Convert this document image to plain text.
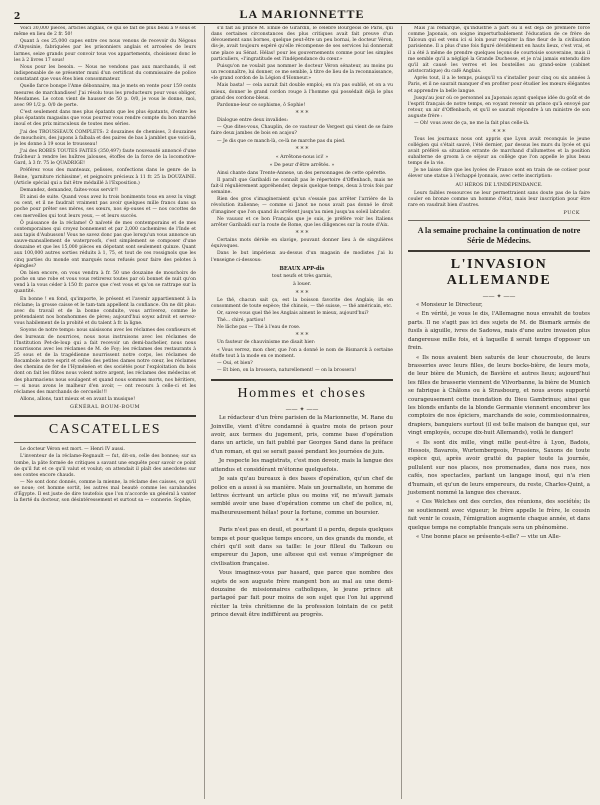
2	LA MARIONNETTE

Voici 30,000 pièces, articles anglais, ce qui se fait de plus beau à 9 sous et même en lieu de 2 fr. 50!

Quant à ces 25,000 capes entre ces nous venons de recevoir du Négous d'Abyssinie, fabriquées par les prisonniers anglais et arrosées de leurs larmes, seize grands pour convoir tous vos appartements, choisissez donc le les à 2 livres 17 sous!

Nous pour les besoin. — Nous ne vendons pas aux marchands, il est indispensable de se présenter muni d'un certificat du commissaire de police constatant que vous êtes bien consommateur.

Quelle farce bonspe l'Ame débonnaire, ma je mets en vente pour 159 cents mesures de marchandises! J'ai résolu tous les producteurs pour vous obliger, Mesdames. Le coton vient de hausser de 50 p. 0/0, je vous le donne, moi, avec 99 1/2 p. 0/0 de perte.

C'est seulement dans mes plus épatants que les plus épatants, d'entre les plus épatants magasins que vous pourrez vous rendre compte du bon marché inouï et des prix miraculeux de toutes mes séries.

J'ai des TROUSSEAUX COMPLETS: 2 douzaines de chemises, 3 douzaines de mouchoirs, des jupons à falbala et des paires de bas à jamblet que voici-là, je les donne à 19 sous le trousseau!

J'ai des ROBES TOUTES FAITES (350,497) faute nouveauté annoncé d'une fraîcheur à rendre les huîtres jalouses, étoffes de la force de la locomotive-Gard, à 3 fr. 75 le QUADRIGE!

Préférez vous des manteaux, pelisses, confections dans le genre de la Reine, 'garniture richissime', et peignoirs précieux à 11 fr. 25 la DOUZAINE. (Article spécial qui a fait être médaillé à l'Exposition.)

Demandez, demandez, faites-vous servir!!

Et ainsi de suite. Quand vous avez lu trois boniments tous en avez lu vingt ou cent, et il ne faudrait vraiment pas avoir quelques mille francs dans sa poche pour prêter ses mères, ses sœurs, nos ép-ouses et — nos cocottes de ces merveilles qui tout leurs yeux, — et leurs succès.

Ô puissance de la réclame! Ô naïveté de mes contemporains et de mes contemporaines qui croyez bonnement et par 2,000 cachemires de l'Inde et aux tapis d'Aubusson! Vous ne savez donc pas que lorsqu'un vous annonce un sauve-mansallement de waterproofs, c'est simplement se composer d'une douzaine et que les 15,000 pièces en dépotant sont seulement quinze. Quant aux 100,000 autres sorties réduits à 1, 75, et tout de ces rossignols que les cinq parties du monde ont marqués nous refusés pour faire des pelotes à épingles?

On bien encore, on vous vendra à fr. 50 une douzaine de mouchoirs de poche on une robe et vous vous retirerez toutes par où bonnet de nuit qu'on vend à la vous céder à 150 fr. parce que c'est vous et qu'on se rattrape sur la quantité.

En bonne ! en fond, qu'importe, le présent et l'avenir appartiennent à la réclame; la grosse caisse et le tam-tam appellent la confiance. On ne dit plus: avec du travail et de la bonne conduite, vous arriverez, comme le prétendaient nos bonshommes de pères; aujourd'hui soyez adroit et servez-vous habilement de la probité et du talent à fr. la ligne.

Soyons de notre temps: nous saisissons avec les réclames des confiseurs et des bureaux de nourrices, nous nous instruisons avec les réclames de l'Institution Pet-de-loup qui a fait recevoir un demi-bachelier, nous nous nourrissons avec les réclames de M. de Foy; les réclames des restaurants à 25 sous et de la tragédienne nourrissent notre corps, les réclames de Rocambole notre esprit et celles des petites dames notre cœur, les réclames des chemins de fer de l'Hyménéen et des sociétés pour l'exploitation du bois dont on fait les flûtes nous volent notre argent, les réclames des médecins et des pharmaciens nous soulagent et quand nous sommes morts, nos héritiers, — si nous avons le malheur d'en avoir, — ont recours à celle-ci et les réclames des marchands de cercueils!!!

Allons, allons, tant mieux et en avant la musique!

GÉNÉRAL BOUM-BOUM
CASCATELLES

Le docteur Véron est mort. — Henri IV aussi.

L'inventeur de la réclame-Regnault — fut, dit-on, celle des bonnes; sur sa tombe, la pâte formée de critiques a savant une enquête pour savoir ce point de qu'il fut et ce qu'il valut et voulut; on attendait il plaît des anecdotes sur ses contes encore chauds.

— Ne sont donc donnés, comme la mienne, la réclame des caisses, ce qu'il se noue; cet homme sortit, les autres mal beauté comme les sarabandes d'Égypte. Il est juste de dire toutefois que l'on n'accorde un général à vanter la fierté du docteur, son désintéressement et surtout sa — connerie. Sophie,

s'il fait au prince M. Emile de Girardin, le célèbre Bourgeois de Paris, qui dans certaines circonstances des plus critiques avait fait preuve d'un dévouement sans bornes, quelque peut-être un peu bornai, le docteur Véron, dis-je, avait toujours espéré qu'elle récompense de ses services lui donnerait une place au Sénat. Hélas! pour les gouvernements comme pour les simples particuliers, «l'ingratitude est l'indépendance du cœur.»

Puisqu'on ne voulait pas nommer le docteur Véron sénateur, au moins pu un reconnaître, lui donner, ce me semble, à titre de lieu de la reconnaissance, «le grand cordon de la Légion d'Honneur.»

Mais basta! — cela aurait fait double emploi; en n'a pas oublié, et on a vu mieux, donner le grand cordon rouge à l'homme qui possédait déjà le plus grand des cordons-bleus.

Pardonne-leur ce sophisme, ô Sophie!

* * *

Dialogue entre deux invalides:

— Que dites-vous, Chauplin, de ce vautour de Vergest qui vient de se faire faire deux jambes de bois en acajou?

— Je dis que ce manch-là, ce-là ne marche pas du pied.

* * *
« Arrêtons-nous ici! »
« De peur d'être arrêtés. »

Ainsi chante dans Trente-Annexe, un des personnages de cette opérette.

Il paraît que Garibaldi ne connaît pas le répertoire d'Offenbach, mais ne fait-il régulièrement appréhender, depuis quelque temps, deux à trois fois par semaine.

Rien des gros s'imagineraient qu'un s'essaie pas arrêter l'arrière de la révolution italienne; — comme si Janot ne nous avait pas donné le droit d'imaginer que l'on quand ils arrêtent jusqu'au mien jusqu'au soleil labrador.

Ne vauuoz et ce bon Français que je suis, je préfère voir les Italiens arrêter Garibaldi sur la route de Rome, que les diligences sur la route d'Aix.

* * *

Certains mots dérèle en slavige, pouvant donner lieu à de singulières équivoques.

Dans le but impérieux au-dessus d'un magasin de modistes j'ai lu l'enseigne ci-dessous:

BEAUX APP-dis
tout neufs et très garnis,
à louer.
* * *

Le thé, chacun sait ça, est la boisson favorite des Anglais; ils en consomment de toute espèce; thé chinois, — thé suisse, — thé américain, etc.

Or, savez-vous quel thé les Anglais aiment le mieux, aujourd'hui?

Thé... chiré, partiou!

Ne lâche pas — Thé à l'eau de rose.

* * *

Un fauteur de chauvinisme me disait hier:

« Vous verrez, mon cher, que l'on a donné le nom de Bismarck à certaine étoffe tout à la mode en ce moment.

— Oui, et bien?

— Et bien, on la brossera, naturellement! — on la brossera!

Hommes et choses
—— ✦ ——

Le rédacteur d'un frère parisien de la Marionnette, M. Rane du Joinville, vient d'être condamné à quatre mois de prison pour avoir, aux termes du jugement, pris, comme base d'opération dans un article, un fait publié par Georges Sand dans la préface d'un roman, et qui se serait passé pendant les journées de juin.

Je respecte les magistrats, c'est mon devoir, mais la langue des attendus et considérant m'étonne quelquefois.

Je sais qu'au bureaux à des bases d'opération, qu'un chef de police en a aussi à sa manière. Mais un journaliste, un homme de lettres écrivant un article plus ou moins vif, ne m'avait jamais semblé avoir une base d'opération comme un chef de police, ni, malheureusement hélas! pour la fortune, comme un boursier.

* * *

Paris n'est pas en deuil, et pourtant il a perdu, depuis quelques temps et pour quelque temps encore, un des grands du monde, et chéri qu'il soit dans sa taille: le jour filleul du Taïkoun ou empereur du Japon, une altesse qui est venue s'imprégner de civilisation française.

Vous imaginez-vous par hasard, que parce que nombre des sujets de son auguste frère mangent bon au mal au une demi-douzaine de missionnaires catholiques, le jeune prince ait partageé par fait pour moins de son sujet que l'on lui apprend réciter la très chrétienne de la profession lointain de ce petit prince devait être indifférent au progrès.

Mais j'ai remarqué, qu'industrie à part où il est déjà de première force comme Japonais, on soigne imperturbablement l'éducation de ce frère de Taïcoun qui est venu ici si loin pour respirer la fine fleur de la civilisation parisienne. Il a plus d'une fois figuré dévidément en hauts lieux, c'est vrai, et il a été à même de prendre quelques leçons de courtoisie souveraine, mais il me semble qu'il a négligé la Grande Duchesse, et je n'ai jamais entendu dire qu'il ait causé les verres et les bouteilles au grand-seize (cabinet aristocratique) du café Anglais.

Après tout, il a le temps, puisqu'il va s'installer pour cinq ou six années à Paris, et il ne saurait manquer d'en profiter pour étudier les mœurs élégantes et apprendre la belle langue.

Jusqu'au jour où ce personnel au Japonais ayant quelque idée du goût et de l'esprit français de notre temps, en voyant revenir un prince qu'à envoyé par retour, un air d'Offenbach, et qu'il se saurait répondre à un ministre de son auguste frère :

— Oh! vous avez de ça, ne me la fait plus celle-là.

* * *

Tous les journaux nous ont appris que Lyon avait reconquis le jeune collégien qui s'était sauvé, l'été dernier, par dessus les murs du lycée et qui avait préféré sa situation errante de marchand d'allumettes et la position subalterne de groom à ce séjour au collège que l'on appelle le plus beau temps de la vie.

Je ne laisse dire que les lycées de France sont en train de se cotiser pour élever une statue à l'échappé lyonnais, avec cette inscription:

AU HÉROS DE L'INDÉPENDANCE.

Leurs faibles ressources ne leur permettraient sans doute pas de la faire couler en bronze comme un homme d'état, mais leur inscription pour être rare en vaudrait bien d'autres.

PUCK
A la semaine prochaine la continuation de notre
Série de Médecins.
L'INVASION ALLEMANDE
—— ✦ ——

« Monsieur le Directeur,

« En vérité, je vous le dis, l'Allemagne nous envahit de toutes parts. Il ne s'agit pas ici des sujets de M. de Bismark armés de fusils à aiguille, ivres de Sadowa, mais d'une autre invasion plus dangereuse mille fois, et à laquelle il serait temps d'opposer un frein.

« Ils nous avaient bien saturés de leur choucroute, de leurs brasseries avec leurs filles, de leurs bocks-bière, de leurs mots, de leur bière de Munich, de Bavière et autres lieux; aujourd'hui les filles de brasserie viennent de Vilvorbanne, la bière de Munich se fabrique à Châlons ou à Strasbourg, et nous avons supporté courageusement cette inondation du Dieu Gambrinus; ainsi que les blonds enfants de la blonde Germanie viennent encombrer les comptoirs de nos épiciers, marchands de soie, commissionnaires, drapiers, banquiers surtout (il est telle maison de banque qui, sur vingt employés, occupe dix-huit Allemands), voilà le danger!

« Ils sont dix mille, vingt mille peut-être à Lyon, Badois, Hessois, Bavarois, Wurtembergeois, Prussiens, Saxons de toute espèce qui, après avoir gratté du papier toute la journée, pullulent sur nos places, nos promenades, dans nos rues, nos cafés, nos spectacles, parlant un langage inouï, qui n'a rien d'humain, et qu'un de leurs empereurs, du reste, Charles-Quint, a justement nommé la langue des chevaux.

« Ces Welches ont des cercles, des réunions, des sociétés; ils se soutiennent avec vigueur; le frère appelle le frère, le cousin fait venir le cousin, l'émigration augmente chaque année, et dans quelque temps ne comptable français sera un phénomène.

« Une bonne place se présente-t-elle? — vite un Alle-
